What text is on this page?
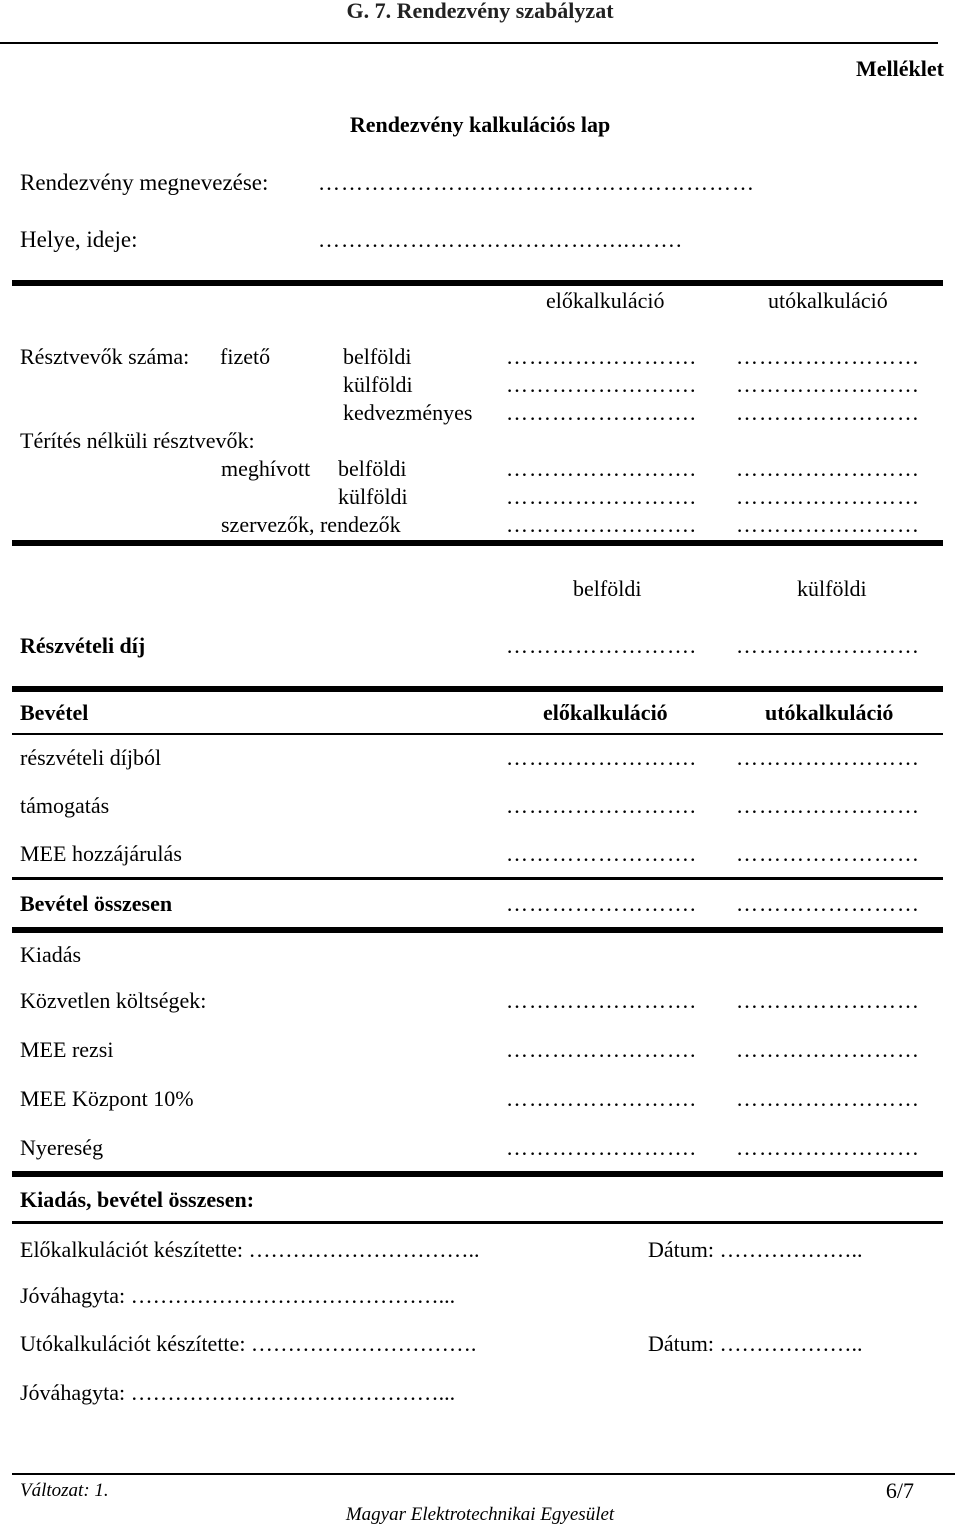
G. 7. Rendezvény szabályzat
Melléklet
Rendezvény kalkulációs lap
Rendezvény megnevezése: …………………………………………………
Helye, ideje:	…………………………………..…….
előkalkuláció	utókalkuláció
Résztvevők száma: fizető	belföldi	……………………. ……………………
külföldi	……………………. ……………………
kedvezményes ……………………. ……………………
Térítés nélküli résztvevők:
meghívott belföldi	……………………. ……………………
külföldi	……………………. ……………………
szervezők, rendezők	……………………. ……………………
belföldi	külföldi
Részvételi díj	……………………. ……………………
Bevétel	előkalkuláció	utókalkuláció
részvételi díjból	……………………. ……………………
támogatás	……………………. ……………………
MEE hozzájárulás	……………………. ……………………
Bevétel összesen	……………………. ……………………
Kiadás
Közvetlen költségek:	……………………. ……………………
MEE rezsi	……………………. ……………………
MEE Központ 10%	……………………. ……………………
Nyereség	……………………. ……………………
Kiadás, bevétel összesen:
Előkalkulációt készítette: …………………………..	Dátum: ………………..
Jóváhagyta: ……………………………………...
Utókalkulációt készítette: ………………………….	Dátum: ………………..
Jóváhagyta: ……………………………………...
Változat: 1.	6/7
Magyar Elektrotechnikai Egyesület
